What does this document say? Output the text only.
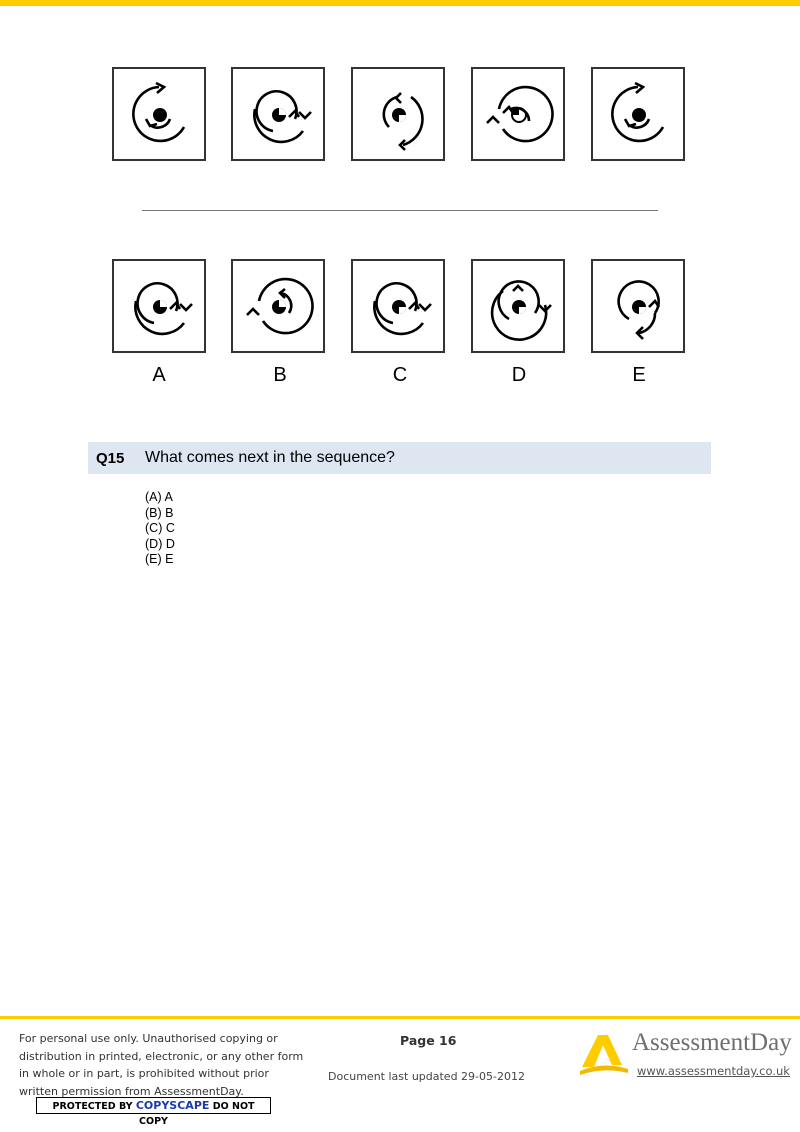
A	B	C	D	E
Q15 What comes next in the sequence?
(A) A
(B) B
(C) C
(D) D
(E) E
For personal use only. Unauthorised copying or distribution in printed, electronic, or any other form in whole or in part, is prohibited without prior written permission from AssessmentDay.
PROTECTED BY COPYSCAPE DO NOT COPY
Page 16
Document last updated 29-05-2012
AssessmentDay
www.assessmentday.co.uk
